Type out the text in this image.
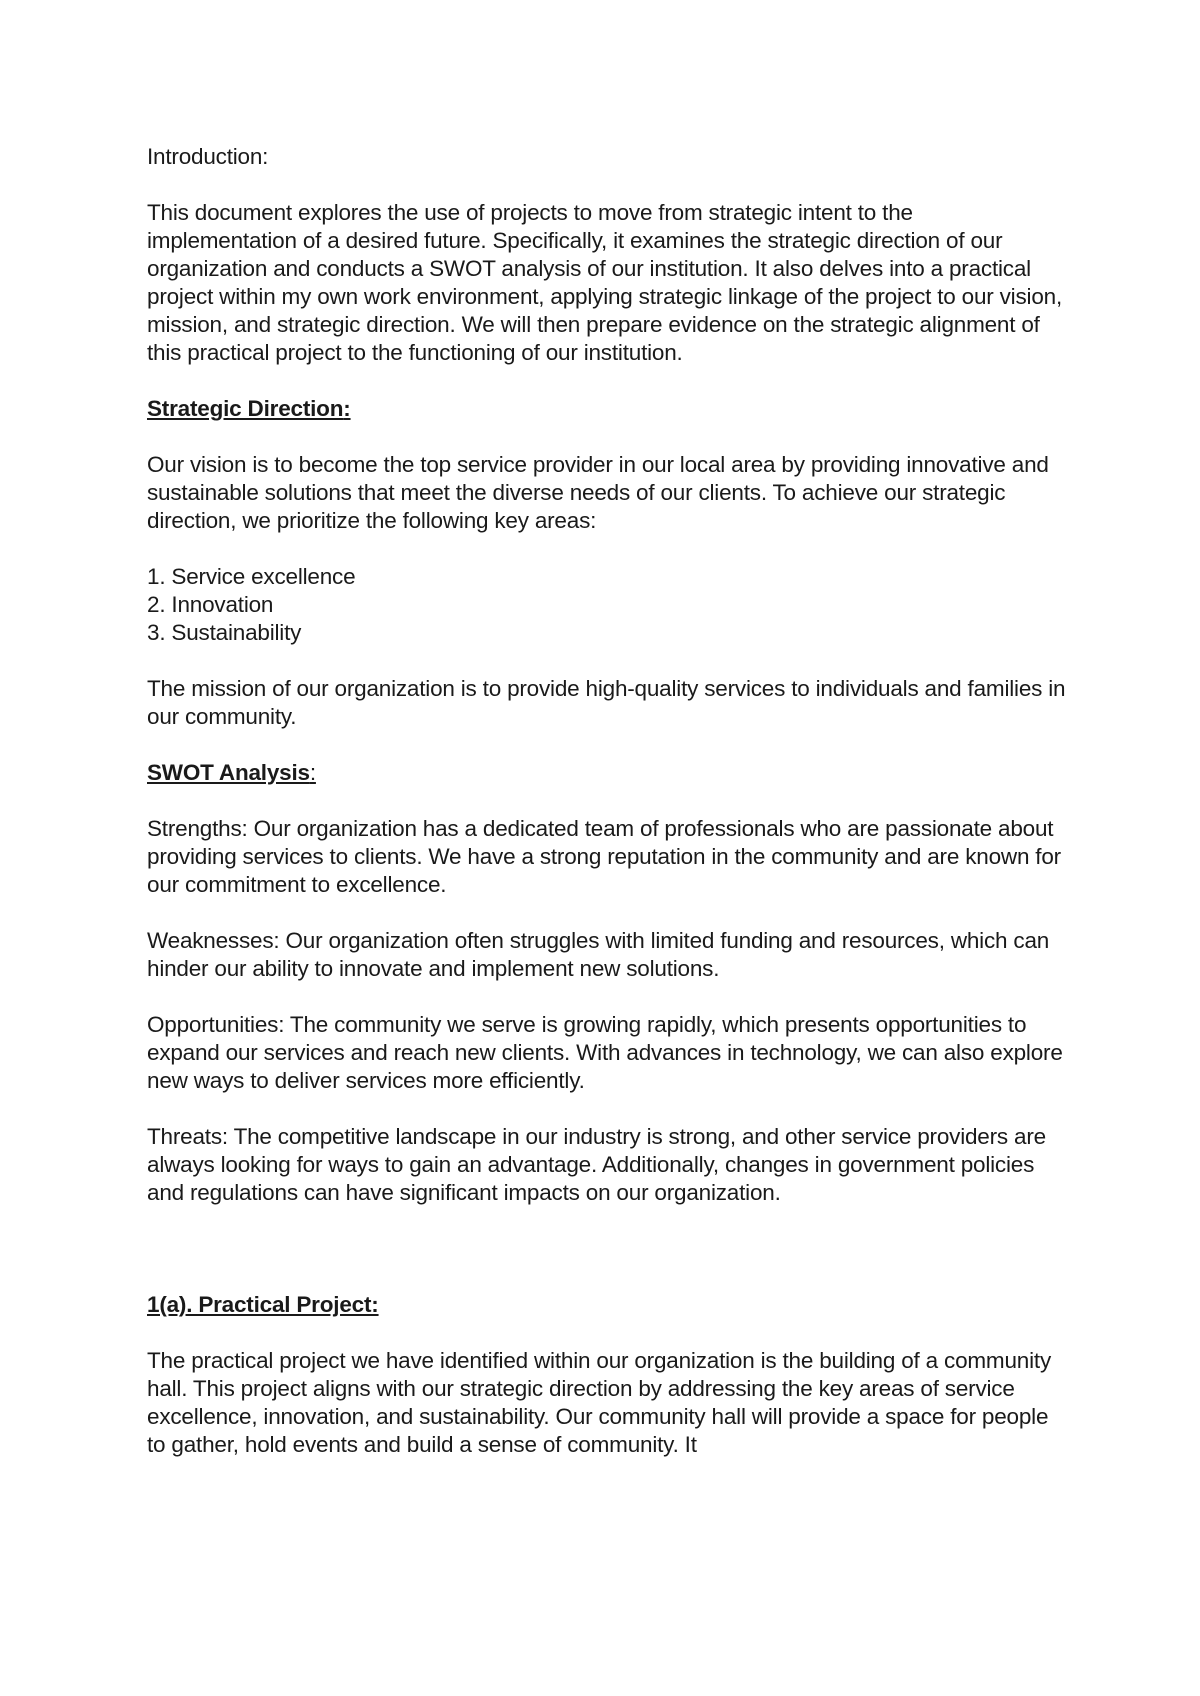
Introduction:

This document explores the use of projects to move from strategic intent to the implementation of a desired future. Specifically, it examines the strategic direction of our organization and conducts a SWOT analysis of our institution. It also delves into a practical project within my own work environment, applying strategic linkage of the project to our vision, mission, and strategic direction. We will then prepare evidence on the strategic alignment of this practical project to the functioning of our institution.

Strategic Direction:

Our vision is to become the top service provider in our local area by providing innovative and sustainable solutions that meet the diverse needs of our clients. To achieve our strategic direction, we prioritize the following key areas:

1. Service excellence
2. Innovation
3. Sustainability

The mission of our organization is to provide high-quality services to individuals and families in our community.

SWOT Analysis:

Strengths: Our organization has a dedicated team of professionals who are passionate about providing services to clients. We have a strong reputation in the community and are known for our commitment to excellence.

Weaknesses: Our organization often struggles with limited funding and resources, which can hinder our ability to innovate and implement new solutions.

Opportunities: The community we serve is growing rapidly, which presents opportunities to expand our services and reach new clients. With advances in technology, we can also explore new ways to deliver services more efficiently.

Threats: The competitive landscape in our industry is strong, and other service providers are always looking for ways to gain an advantage. Additionally, changes in government policies and regulations can have significant impacts on our organization.

1(a). Practical Project:

The practical project we have identified within our organization is the building of a community hall. This project aligns with our strategic direction by addressing the key areas of service excellence, innovation, and sustainability. Our community hall will provide a space for people to gather, hold events and build a sense of community. It
